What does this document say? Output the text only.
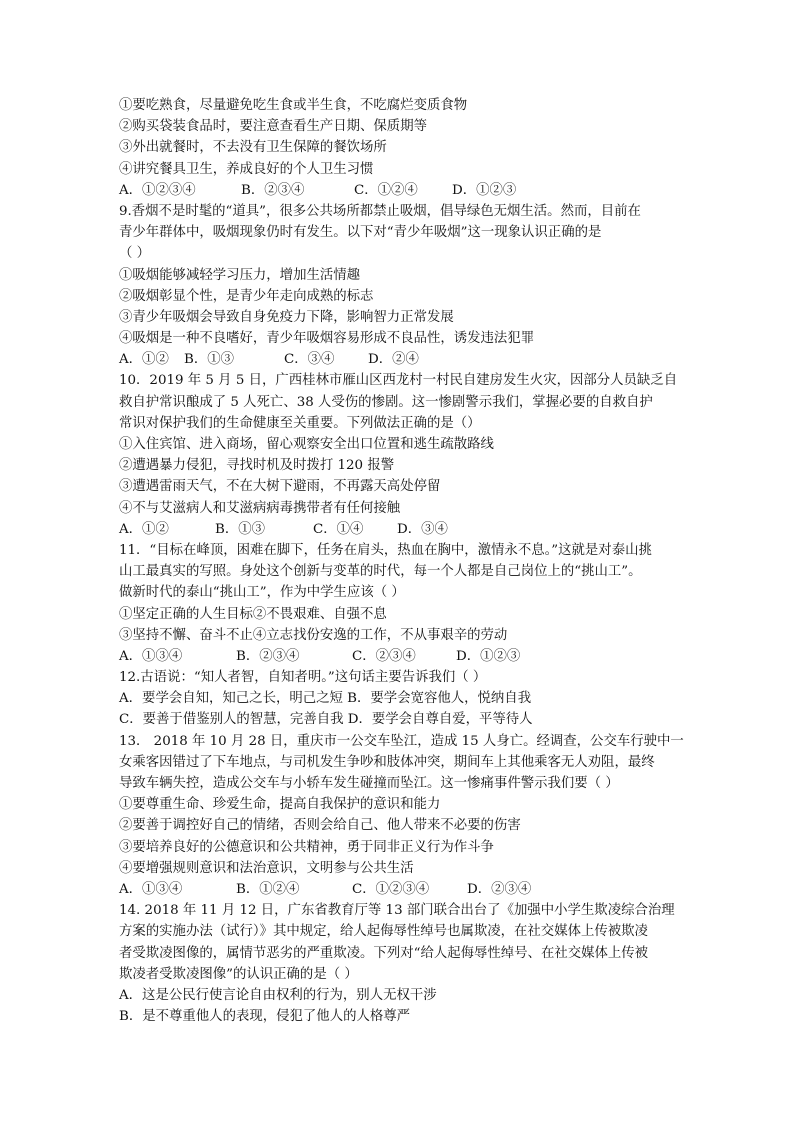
①要吃熟食，尽量避免吃生食或半生食，不吃腐烂变质食物
②购买袋装食品时，要注意查看生产日期、保质期等
③外出就餐时，不去没有卫生保障的餐饮场所
④讲究餐具卫生，养成良好的个人卫生习惯
A．①②③④	B．②③④	C．①②④	D．①②③
9.香烟不是时髦的“道具”，很多公共场所都禁止吸烟，倡导绿色无烟生活。然而，目前在
青少年群体中，吸烟现象仍时有发生。以下对“青少年吸烟”这一现象认识正确的是
（ ）
①吸烟能够减轻学习压力，增加生活情趣
②吸烟彰显个性，是青少年走向成熟的标志
③青少年吸烟会导致自身免疫力下降，影响智力正常发展
④吸烟是一种不良嗜好，青少年吸烟容易形成不良品性，诱发违法犯罪
A．①②	B．①③	C．③④	D．②④
10．2019 年 5 月 5 日，广西桂林市雁山区西龙村一村民自建房发生火灾，因部分人员缺乏自
救自护常识酿成了 5 人死亡、38 人受伤的惨剧。这一惨剧警示我们，掌握必要的自救自护
常识对保护我们的生命健康至关重要。下列做法正确的是（）
①入住宾馆、进入商场，留心观察安全出口位置和逃生疏散路线
②遭遇暴力侵犯，寻找时机及时拨打 120 报警
③遭遇雷雨天气，不在大树下避雨，不再露天高处停留
④不与艾滋病人和艾滋病病毒携带者有任何接触
A．①②	B．①③	C．①④	D．③④
11．“目标在峰顶，困难在脚下，任务在肩头，热血在胸中，激情永不息。”这就是对泰山挑
山工最真实的写照。身处这个创新与变革的时代，每一个人都是自己岗位上的“挑山工”。
做新时代的泰山“挑山工”，作为中学生应该（ ）
①坚定正确的人生目标②不畏艰难、自强不息
③坚持不懈、奋斗不止④立志找份安逸的工作，不从事艰辛的劳动
A．①③④	B．②③④	C．②③④	D．①②③
12.古语说：“知人者智，自知者明。”这句话主要告诉我们（ ）
A．要学会自知，知己之长，明己之短 B．要学会宽容他人，悦纳自我
C．要善于借鉴别人的智慧，完善自我 D．要学会自尊自爱，平等待人
13． 2018 年 10 月 28 日，重庆市一公交车坠江，造成 15 人身亡。经调查，公交车行驶中一
女乘客因错过了下车地点，与司机发生争吵和肢体冲突，期间车上其他乘客无人劝阻，最终
导致车辆失控，造成公交车与小轿车发生碰撞而坠江。这一惨痛事件警示我们要（ ）
①要尊重生命、珍爱生命，提高自我保护的意识和能力
②要善于调控好自己的情绪，否则会给自己、他人带来不必要的伤害
③要培养良好的公德意识和公共精神，勇于同非正义行为作斗争
④要增强规则意识和法治意识，文明参与公共生活
A．①③④	B．①②④	C．①②③④	D．②③④
14. 2018 年 11 月 12 日，广东省教育厅等 13 部门联合出台了《加强中小学生欺凌综合治理
方案的实施办法（试行）》其中规定，给人起侮辱性绰号也属欺凌，在社交媒体上传被欺凌
者受欺凌图像的，属情节恶劣的严重欺凌。下列对“给人起侮辱性绰号、在社交媒体上传被
欺凌者受欺凌图像”的认识正确的是（ ）
A．这是公民行使言论自由权利的行为，别人无权干涉
B．是不尊重他人的表现，侵犯了他人的人格尊严
